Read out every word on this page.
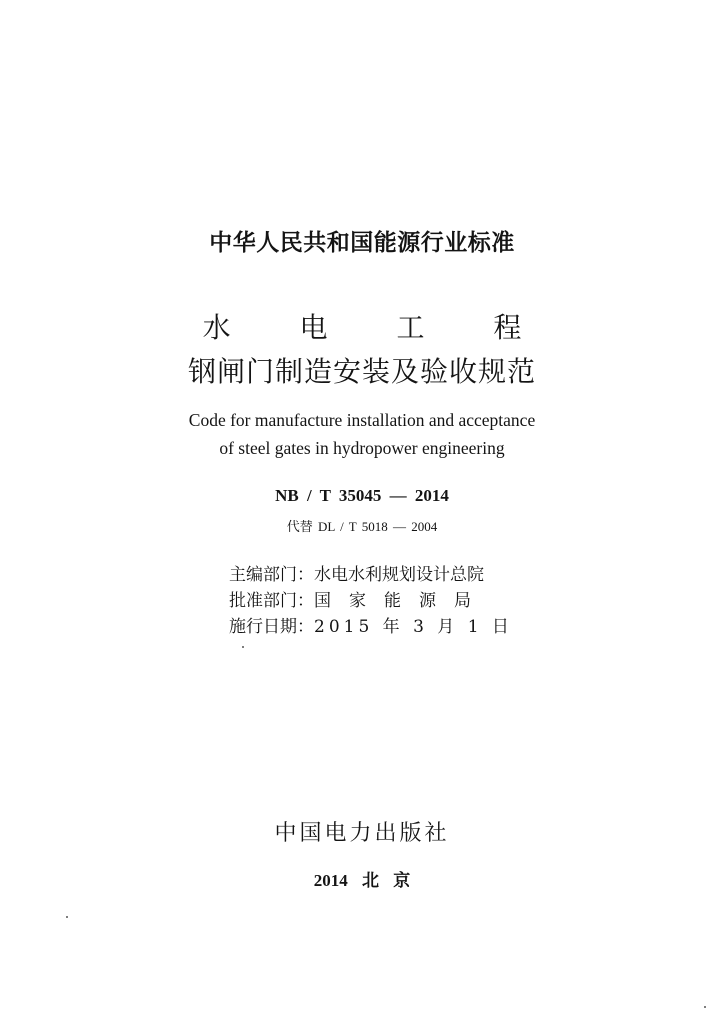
中华人民共和国能源行业标准
水 电 工 程
钢闸门制造安装及验收规范
Code for manufacture installation and acceptance
of steel gates in hydropower engineering
NB / T 35045 — 2014
代替 DL / T 5018 — 2004
主编部门：水电水利规划设计总院
批准部门：国家能源局
施行日期：2015 年 3 月 1 日
中国电力出版社
2014 北 京
